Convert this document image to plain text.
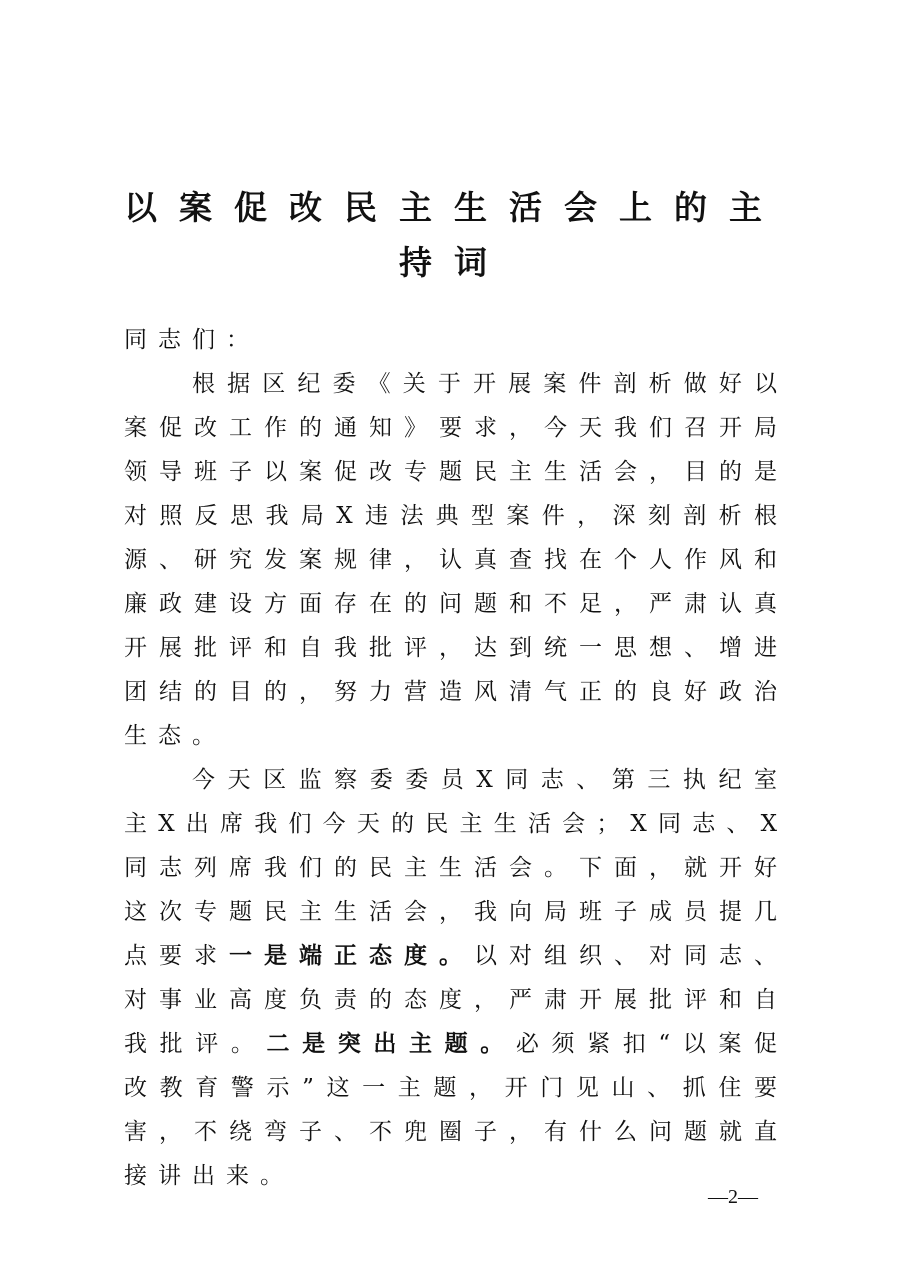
以案促改民主生活会上的主持词

同志们：

根据区纪委《关于开展案件剖析做好以案促改工作的通知》要求，今天我们召开局领导班子以案促改专题民主生活会，目的是对照反思我局X违法典型案件，深刻剖析根源、研究发案规律，认真查找在个人作风和廉政建设方面存在的问题和不足，严肃认真开展批评和自我批评，达到统一思想、增进团结的目的，努力营造风清气正的良好政治生态。

今天区监察委委员X同志、第三执纪室主X出席我们今天的民主生活会；X同志、X同志列席我们的民主生活会。下面，就开好这次专题民主生活会，我向局班子成员提几点要求一是端正态度。以对组织、对同志、对事业高度负责的态度，严肃开展批评和自我批评。二是突出主题。必须紧扣“以案促改教育警示”这一主题，开门见山、抓住要害，不绕弯子、不兜圈子，有什么问题就直接讲出来。

—2—
